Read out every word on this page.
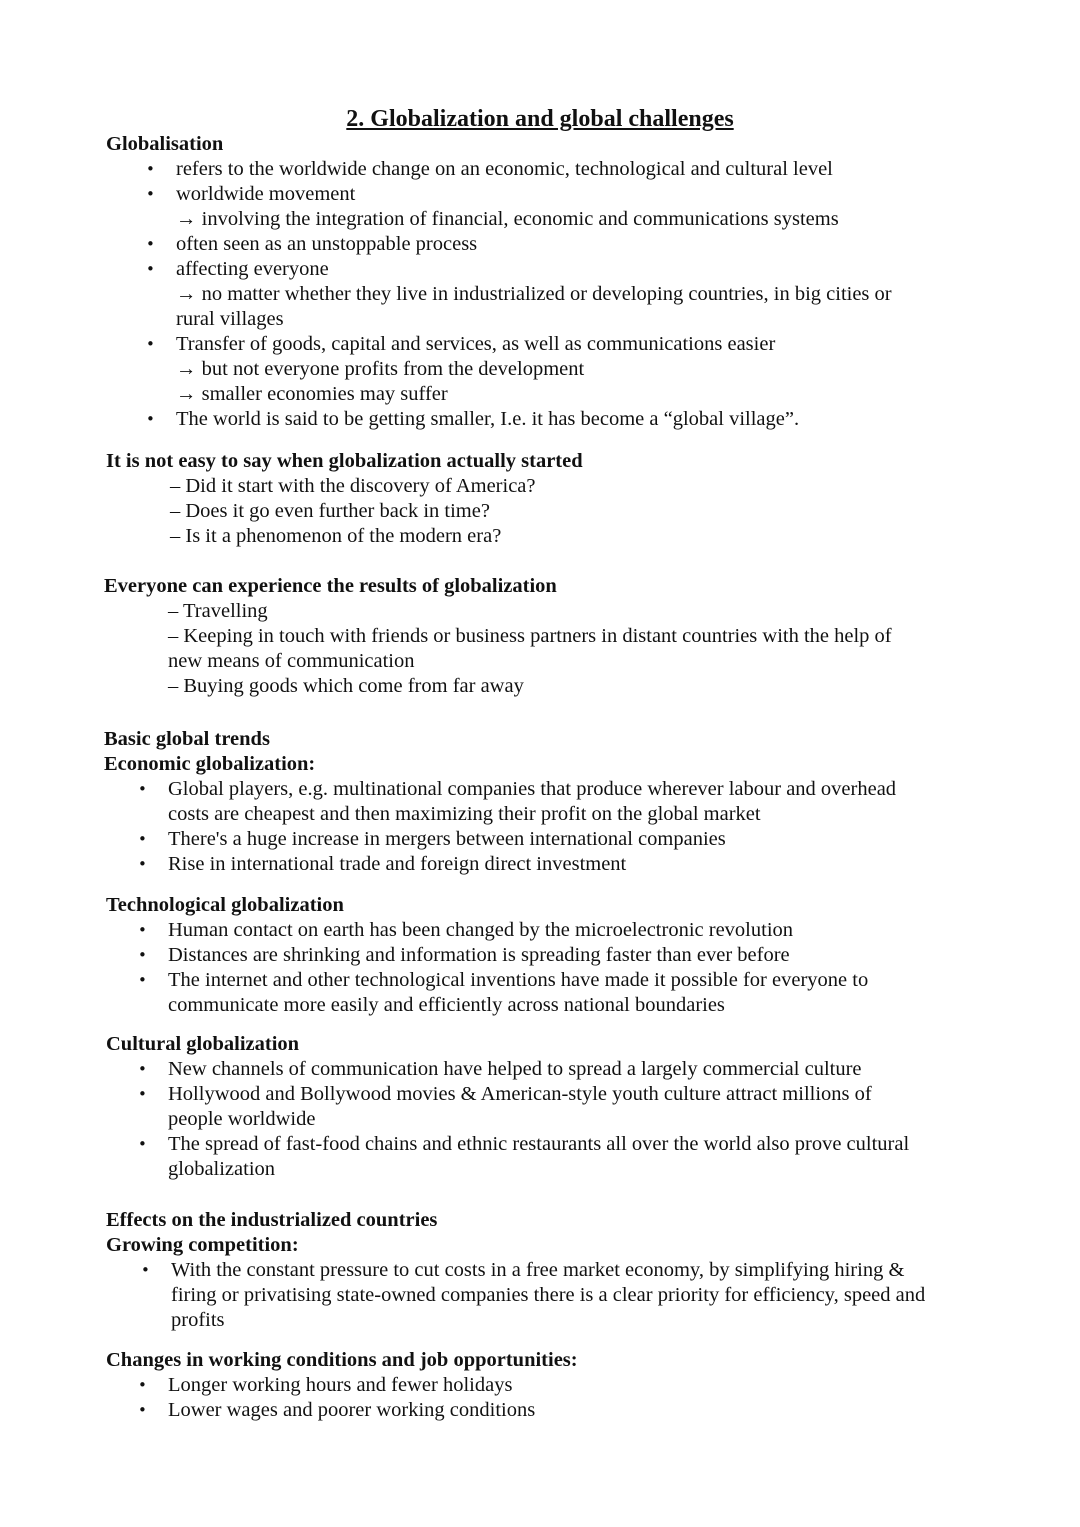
2. Globalization and global challenges
Globalisation
• refers to the worldwide change on an economic, technological and cultural level
• worldwide movement
→ involving the integration of financial, economic and communications systems
• often seen as an unstoppable process
• affecting everyone
→ no matter whether they live in industrialized or developing countries, in big cities or
rural villages
• Transfer of goods, capital and services, as well as communications easier
→ but not everyone profits from the development
→ smaller economies may suffer
• The world is said to be getting smaller, I.e. it has become a “global village”.
It is not easy to say when globalization actually started
– Did it start with the discovery of America?
– Does it go even further back in time?
– Is it a phenomenon of the modern era?
Everyone can experience the results of globalization
– Travelling
– Keeping in touch with friends or business partners in distant countries with the help of
new means of communication
– Buying goods which come from far away
Basic global trends
Economic globalization:
• Global players, e.g. multinational companies that produce wherever labour and overhead
costs are cheapest and then maximizing their profit on the global market
• There's a huge increase in mergers between international companies
• Rise in international trade and foreign direct investment
Technological globalization
• Human contact on earth has been changed by the microelectronic revolution
• Distances are shrinking and information is spreading faster than ever before
• The internet and other technological inventions have made it possible for everyone to
communicate more easily and efficiently across national boundaries
Cultural globalization
• New channels of communication have helped to spread a largely commercial culture
• Hollywood and Bollywood movies & American-style youth culture attract millions of
people worldwide
• The spread of fast-food chains and ethnic restaurants all over the world also prove cultural
globalization
Effects on the industrialized countries
Growing competition:
• With the constant pressure to cut costs in a free market economy, by simplifying hiring &
firing or privatising state-owned companies there is a clear priority for efficiency, speed and
profits
Changes in working conditions and job opportunities:
• Longer working hours and fewer holidays
• Lower wages and poorer working conditions
